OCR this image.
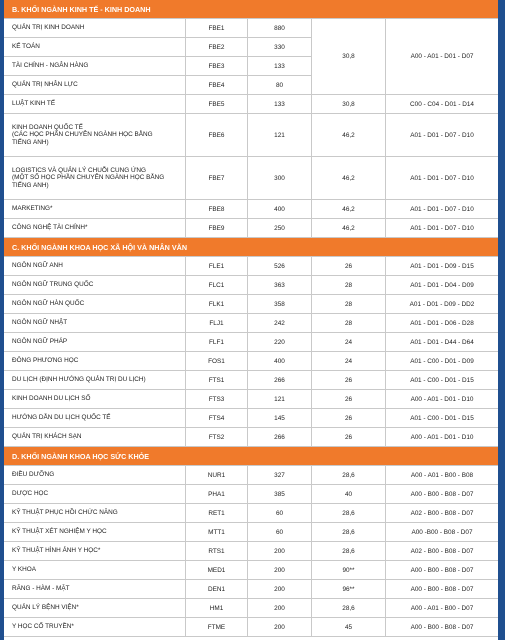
B. KHỐI NGÀNH KINH TẾ - KINH DOANH
QUẢN TRỊ KINH DOANH	FBE1	880
KẾ TOÁN	FBE2	330
TÀI CHÍNH - NGÂN HÀNG	FBE3	133
QUẢN TRỊ NHÂN LỰC	FBE4	80
30,8	A00 - A01 - D01 - D07
LUẬT KINH TẾ	FBE5	133	30,8	C00 - C04 - D01 - D14
KINH DOANH QUỐC TẾ
(CÁC HỌC PHẦN CHUYÊN NGÀNH HỌC BẰNG
TIẾNG ANH)
FBE6	121	46,2	A01 - D01 - D07 - D10
LOGISTICS VÀ QUẢN LÝ CHUỖI CUNG ỨNG
(MỘT SỐ HỌC PHẦN CHUYÊN NGÀNH HỌC BẰNG
TIẾNG ANH)
FBE7	300	46,2	A01 - D01 - D07 - D10
MARKETING*	FBE8	400	46,2	A01 - D01 - D07 - D10
CÔNG NGHỆ TÀI CHÍNH*	FBE9	250	46,2	A01 - D01 - D07 - D10
C. KHỐI NGÀNH KHOA HỌC XÃ HỘI VÀ NHÂN VĂN
NGÔN NGỮ ANH	FLE1	526	26	A01 - D01 - D09 - D15
NGÔN NGỮ TRUNG QUỐC	FLC1	363	28	A01 - D01 - D04 - D09
NGÔN NGỮ HÀN QUỐC	FLK1	358	28	A01 - D01 - D09 - DD2
NGÔN NGỮ NHẬT	FLJ1	242	28	A01 - D01 - D06 - D28
NGÔN NGỮ PHÁP	FLF1	220	24	A01 - D01 - D44 - D64
ĐÔNG PHƯƠNG HỌC	FOS1	400	24	A01 - C00 - D01 - D09
DU LỊCH (ĐỊNH HƯỚNG QUẢN TRỊ DU LỊCH)	FTS1	266	26	A01 - C00 - D01 - D15
KINH DOANH DU LỊCH SỐ	FTS3	121	26	A00 - A01 - D01 - D10
HƯỚNG DẪN DU LỊCH QUỐC TẾ	FTS4	145	26	A01 - C00 - D01 - D15
QUẢN TRỊ KHÁCH SẠN	FTS2	266	26	A00 - A01 - D01 - D10
D. KHỐI NGÀNH KHOA HỌC SỨC KHỎE
ĐIỀU DƯỠNG	NUR1	327	28,6	A00 - A01 - B00 - B08
DƯỢC HỌC	PHA1	385	40	A00 - B00 - B08 - D07
KỸ THUẬT PHỤC HỒI CHỨC NĂNG	RET1	60	28,6	A02 - B00 - B08 - D07
KỸ THUẬT XÉT NGHIỆM Y HỌC	MTT1	60	28,6	A00 -B00 - B08 - D07
KỸ THUẬT HÌNH ẢNH Y HỌC*	RTS1	200	28,6	A02 - B00 - B08 - D07
Y KHOA	MED1	200	90**	A00 - B00 - B08 - D07
RĂNG - HÀM - MẶT	DEN1	200	96**	A00 - B00 - B08 - D07
QUẢN LÝ BỆNH VIỆN*	HM1	200	28,6	A00 - A01 - B00 - D07
Y HỌC CỔ TRUYỀN*	FTME	200	45	A00 - B00 - B08 - D07
